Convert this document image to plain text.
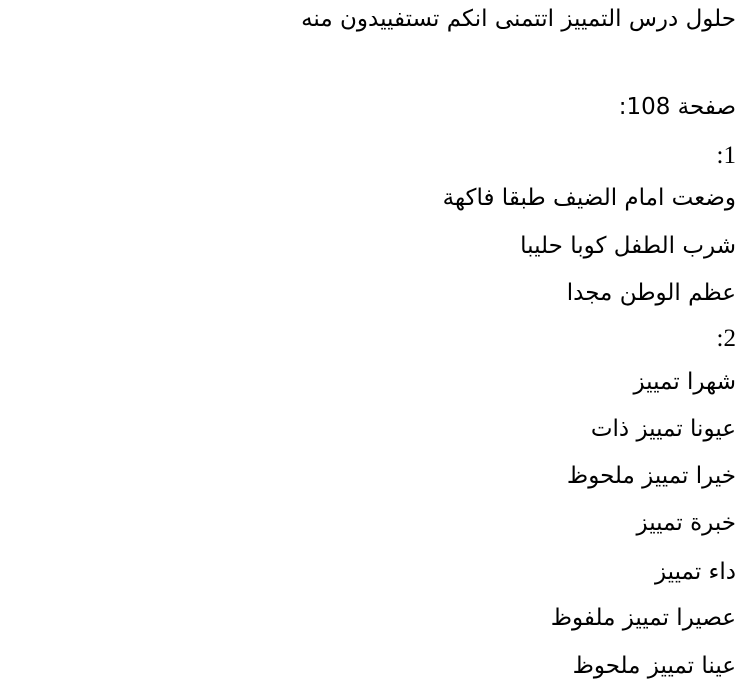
حلول درس التمييز اتتمنى انكم تستفييدون منه
صفحة 108:
:1
وضعت امام الضيف طبقا فاكهة
شرب الطفل كوبا حليبا
عظم الوطن مجدا
:2
شهرا تمييز
عيونا تمييز ذات
خيرا تمييز ملحوظ
خبرة تمييز
داء تمييز
عصيرا تمييز ملفوظ
عينا تمييز ملحوظ
